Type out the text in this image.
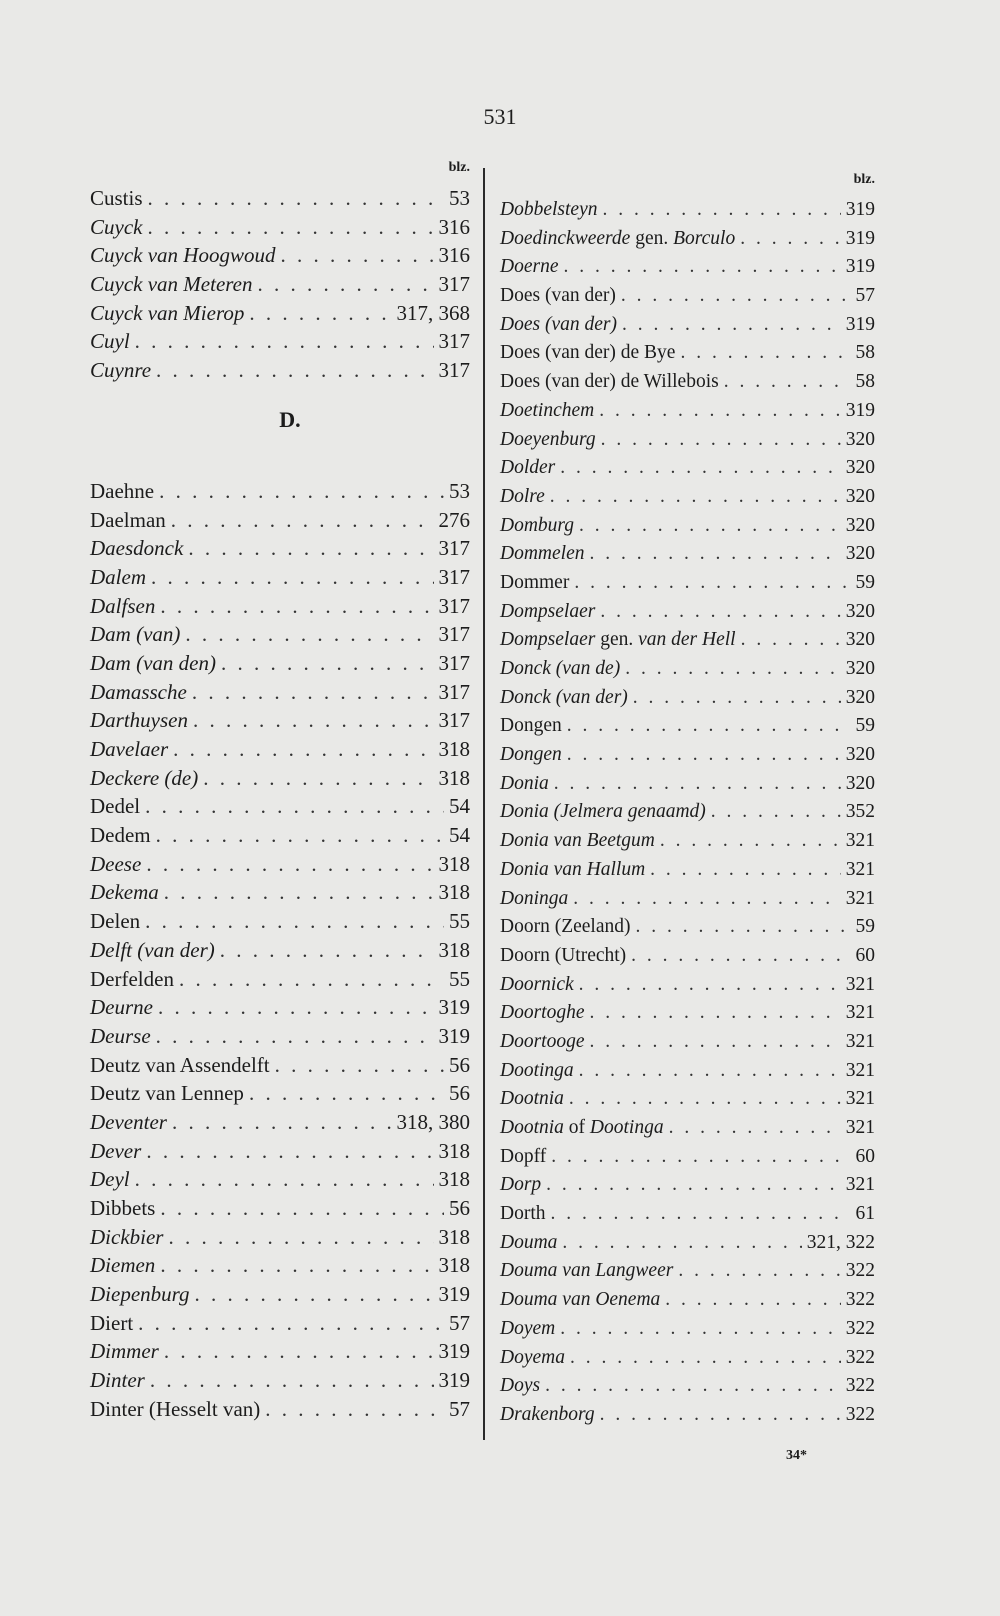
531
blz.
Custis . . .	53
Cuyck . . .	316
Cuyck van Hoogwoud . . .	316
Cuyck van Meteren . . .	317
Cuyck van Mierop . . .	317, 368
Cuyl . . .	317
Cuynre . . .	317
D.
Daehne . . .	53
Daelman . . .	276
Daesdonck . . .	317
Dalem . . .	317
Dalfsen . . .	317
Dam (van) . . .	317
Dam (van den) . . .	317
Damassche . . .	317
Darthuysen . . .	317
Davelaer . . .	318
Deckere (de) . . .	318
Dedel . . .	54
Dedem . . .	54
Deese . . .	318
Dekema . . .	318
Delen . . .	55
Delft (van der) . . .	318
Derfelden . . .	55
Deurne . . .	319
Deurse . . .	319
Deutz van Assendelft . . .	56
Deutz van Lennep . . .	56
Deventer . . .	318, 380
Dever . . .	318
Deyl . . .	318
Dibbets . . .	56
Dickbier . . .	318
Diemen . . .	318
Diepenburg . . .	319
Diert . . .	57
Dimmer . . .	319
Dinter . . .	319
Dinter (Hesselt van) . . .	57
blz.
Dobbelsteyn . . .	319
Doedinckweerde gen. Borculo . . .	319
Doerne . . .	319
Does (van der) . . .	57
Does (van der) . . .	319
Does (van der) de Bye . . .	58
Does (van der) de Willebois . . .	58
Doetinchem . . .	319
Doeyenburg . . .	320
Dolder . . .	320
Dolre . . .	320
Domburg . . .	320
Dommelen . . .	320
Dommer . . .	59
Dompselaer . . .	320
Dompselaer gen. van der Hell . . .	320
Donck (van de) . . .	320
Donck (van der) . . .	320
Dongen . . .	59
Dongen . . .	320
Donia . . .	320
Donia (Jelmera genaamd) . . .	352
Donia van Beetgum . . .	321
Donia van Hallum . . .	321
Doninga . . .	321
Doorn (Zeeland) . . .	59
Doorn (Utrecht) . . .	60
Doornick . . .	321
Doortoghe . . .	321
Doortooge . . .	321
Dootinga . . .	321
Dootnia . . .	321
Dootnia of Dootinga . . .	321
Dopff . . .	60
Dorp . . .	321
Dorth . . .	61
Douma . . .	321, 322
Douma van Langweer . . .	322
Douma van Oenema . . .	322
Doyem . . .	322
Doyema . . .	322
Doys . . .	322
Drakenborg . . .	322
34*
